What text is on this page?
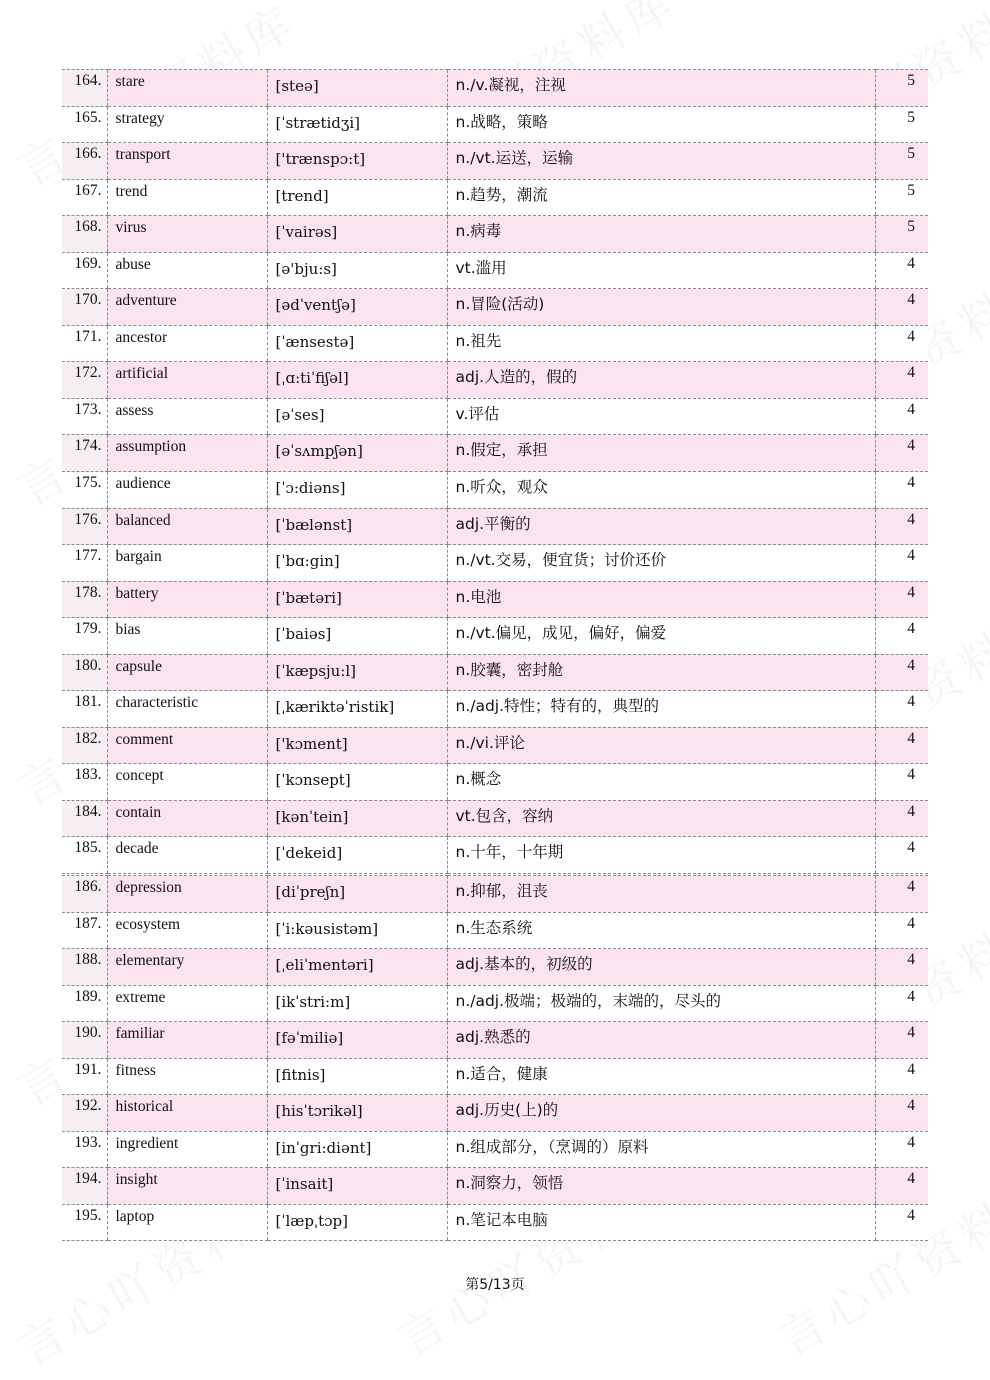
164.	stare	[steə]	n./v.凝视，注视	5

165.	strategy	[ˈstrætidʒi]	n.战略，策略	5

166.	transport	['trænspɔ:t]	n./vt.运送，运输	5

167.	trend	[trend]	n.趋势，潮流	5

168.	virus	[ˈvairəs]	n.病毒	5

169.	abuse	[ə'bju:s]	vt.滥用	4

170.	adventure	[ədˈventʃə]	n.冒险(活动)	4

171.	ancestor	[ˈænsestə]	n.祖先	4

172.	artificial	[ˌɑ:tiˈfiʃəl]	adj.人造的，假的	4

173.	assess	[əˈses]	v.评估	4

174.	assumption	[əˈsʌmpʃən]	n.假定，承担	4

175.	audience	[ˈɔ:diəns]	n.听众，观众	4

176.	balanced	[ˈbælənst]	adj.平衡的	4

177.	bargain	[ˈbɑ:gin]	n./vt.交易，便宜货；讨价还价	4

178.	battery	[ˈbætəri]	n.电池	4

179.	bias	[ˈbaiəs]	n./vt.偏见，成见，偏好，偏爱	4

180.	capsule	[ˈkæpsju:l]	n.胶囊，密封舱	4

181.	characteristic	[ˌkæriktəˈristik]	n./adj.特性；特有的，典型的	4

182.	comment	['kɔment]	n./vi.评论	4

183.	concept	[ˈkɔnsept]	n.概念	4

184.	contain	[kənˈtein]	vt.包含，容纳	4

185.	decade	[ˈdekeid]	n.十年，十年期	4
186.	depression	[diˈpreʃn]	n.抑郁，沮丧	4

187.	ecosystem	[ˈi:kəusistəm]	n.生态系统	4

188.	elementary	[ˌeliˈmentəri]	adj.基本的，初级的	4

189.	extreme	[ikˈstri:m]	n./adj.极端；极端的，末端的，尽头的	4

190.	familiar	[fəˈmiliə]	adj.熟悉的	4

191.	fitness	[fitnis]	n.适合，健康	4

192.	historical	[hisˈtɔrikəl]	adj.历史(上)的	4

193.	ingredient	[inˈgri:diənt]	n.组成部分，（烹调的）原料	4

194.	insight	[ˈinsait]	n.洞察力，领悟	4

195.	laptop	[ˈlæpˌtɔp]	n.笔记本电脑	4
第5/13页
